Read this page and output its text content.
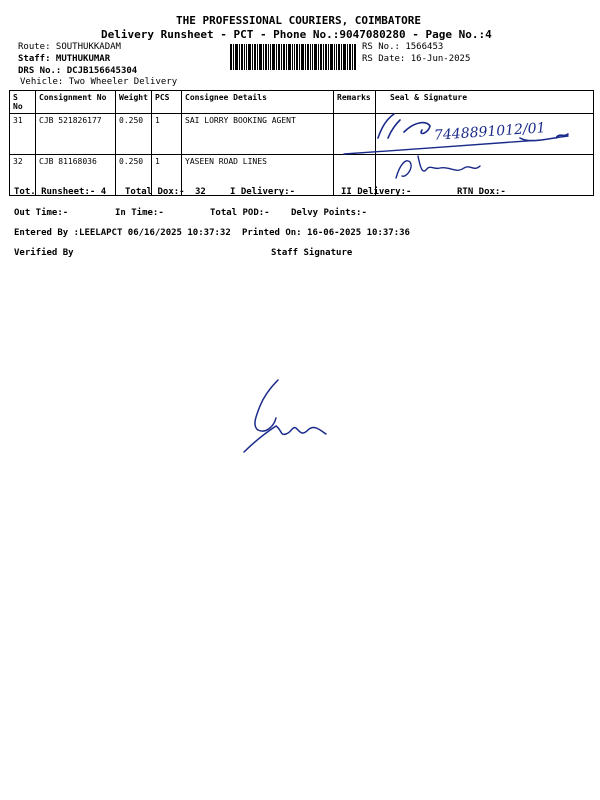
THE PROFESSIONAL COURIERS, COIMBATORE
Delivery Runsheet - PCT - Phone No.:9047080280 - Page No.:4
Route: SOUTHUKKADAM
Staff: MUTHUKUMAR
DRS No.: DCJB156645304
Vehicle: Two Wheeler Delivery
RS No.: 1566453
RS Date: 16-Jun-2025
S No	Consignment No	Weight	PCS	Consignee Details	Remarks	Seal & Signature
31	CJB 521826177	0.250	1	SAI LORRY BOOKING AGENT		7448891012/01

32	CJB 81168036	0.250	1	YASEEN ROAD LINES		
Tot. Runsheet:- 4 Total Dox:- 32	I Delivery:-	II Delivery:-	RTN Dox:-
Out Time:-	In Time:-	Total POD:- Delvy Points:-
Entered By :LEELAPCT 06/16/2025 10:37:32 Printed On: 16-06-2025 10:37:36
Verified By	Staff Signature
